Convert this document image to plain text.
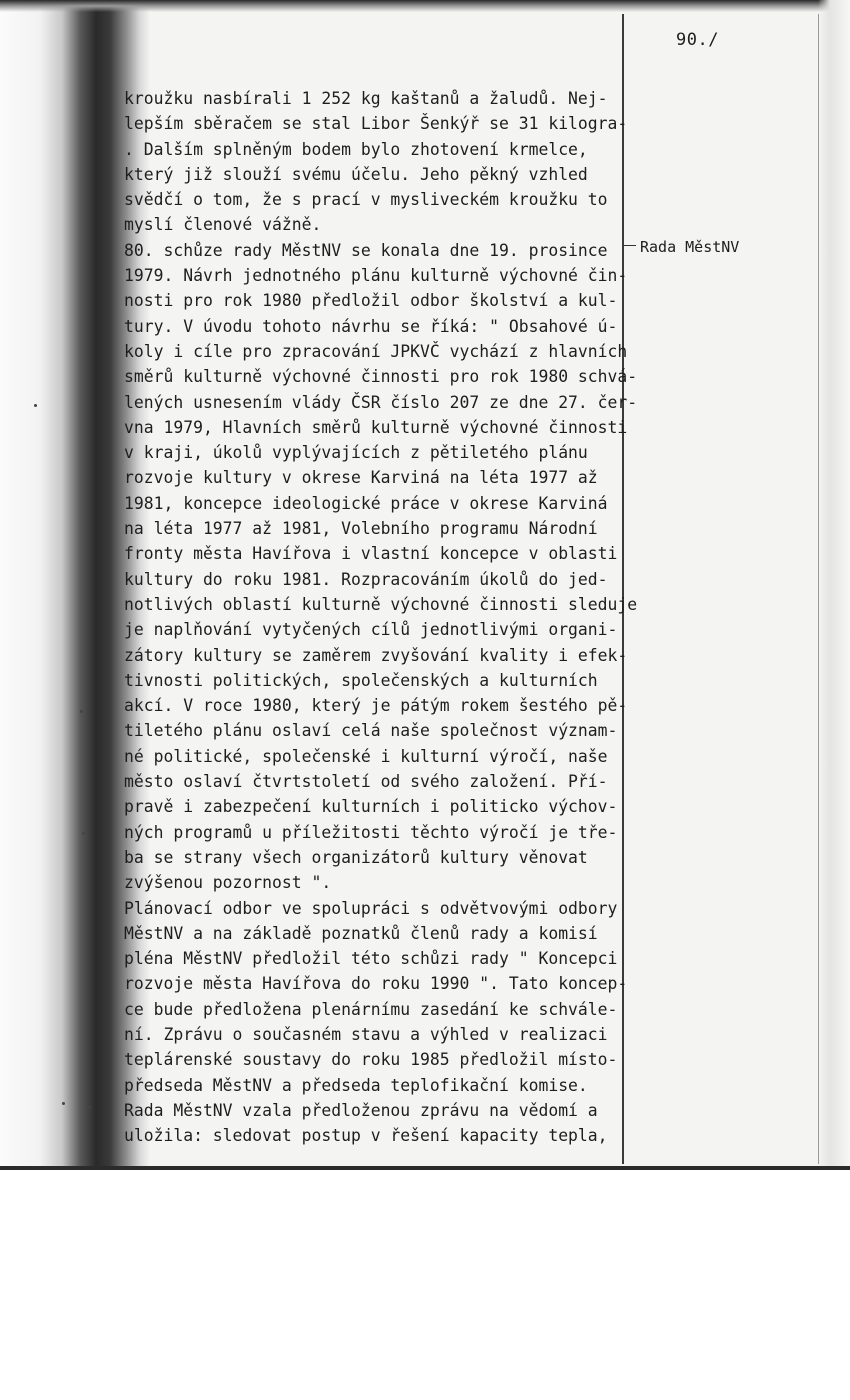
90./
Rada MěstNV
kroužku nasbírali 1 252 kg kaštanů a žaludů. Nej-
lepším sběračem se stal Libor Šenkýř se 31 kilogra-
. Dalším splněným bodem bylo zhotovení krmelce,
který již slouží svému účelu. Jeho pěkný vzhled
svědčí o tom, že s prací v mysliveckém kroužku to
myslí členové vážně.
80. schůze rady MěstNV se konala dne 19. prosince
1979. Návrh jednotného plánu kulturně výchovné čin-
nosti pro rok 1980 předložil odbor školství a kul-
tury. V úvodu tohoto návrhu se říká: " Obsahové ú-
koly i cíle pro zpracování JPKVČ vychází z hlavních
směrů kulturně výchovné činnosti pro rok 1980 schvá-
lených usnesením vlády ČSR číslo 207 ze dne 27. čer-
vna 1979, Hlavních směrů kulturně výchovné činnosti
v kraji, úkolů vyplývajících z pětiletého plánu
rozvoje kultury v okrese Karviná na léta 1977 až
1981, koncepce ideologické práce v okrese Karviná
na léta 1977 až 1981, Volebního programu Národní
fronty města Havířova i vlastní koncepce v oblasti
kultury do roku 1981. Rozpracováním úkolů do jed-
notlivých oblastí kulturně výchovné činnosti sleduje
je naplňování vytyčených cílů jednotlivými organi-
zátory kultury se zaměrem zvyšování kvality i efek-
tivnosti politických, společenských a kulturních
akcí. V roce 1980, který je pátým rokem šestého pě-
tiletého plánu oslaví celá naše společnost význam-
né politické, společenské i kulturní výročí, naše
město oslaví čtvrtstoletí od svého založení. Pří-
pravě i zabezpečení kulturních i politicko výchov-
ných programů u příležitosti těchto výročí je tře-
ba se strany všech organizátorů kultury věnovat
zvýšenou pozornost ".
Plánovací odbor ve spolupráci s odvětvovými odbory
MěstNV a na základě poznatků členů rady a komisí
pléna MěstNV předložil této schůzi rady " Koncepci
rozvoje města Havířova do roku 1990 ". Tato koncep-
ce bude předložena plenárnímu zasedání ke schvále-
ní. Zprávu o současném stavu a výhled v realizaci
teplárenské soustavy do roku 1985 předložil místo-
předseda MěstNV a předseda teplofikační komise.
Rada MěstNV vzala předloženou zprávu na vědomí a
uložila: sledovat postup v řešení kapacity tepla,
